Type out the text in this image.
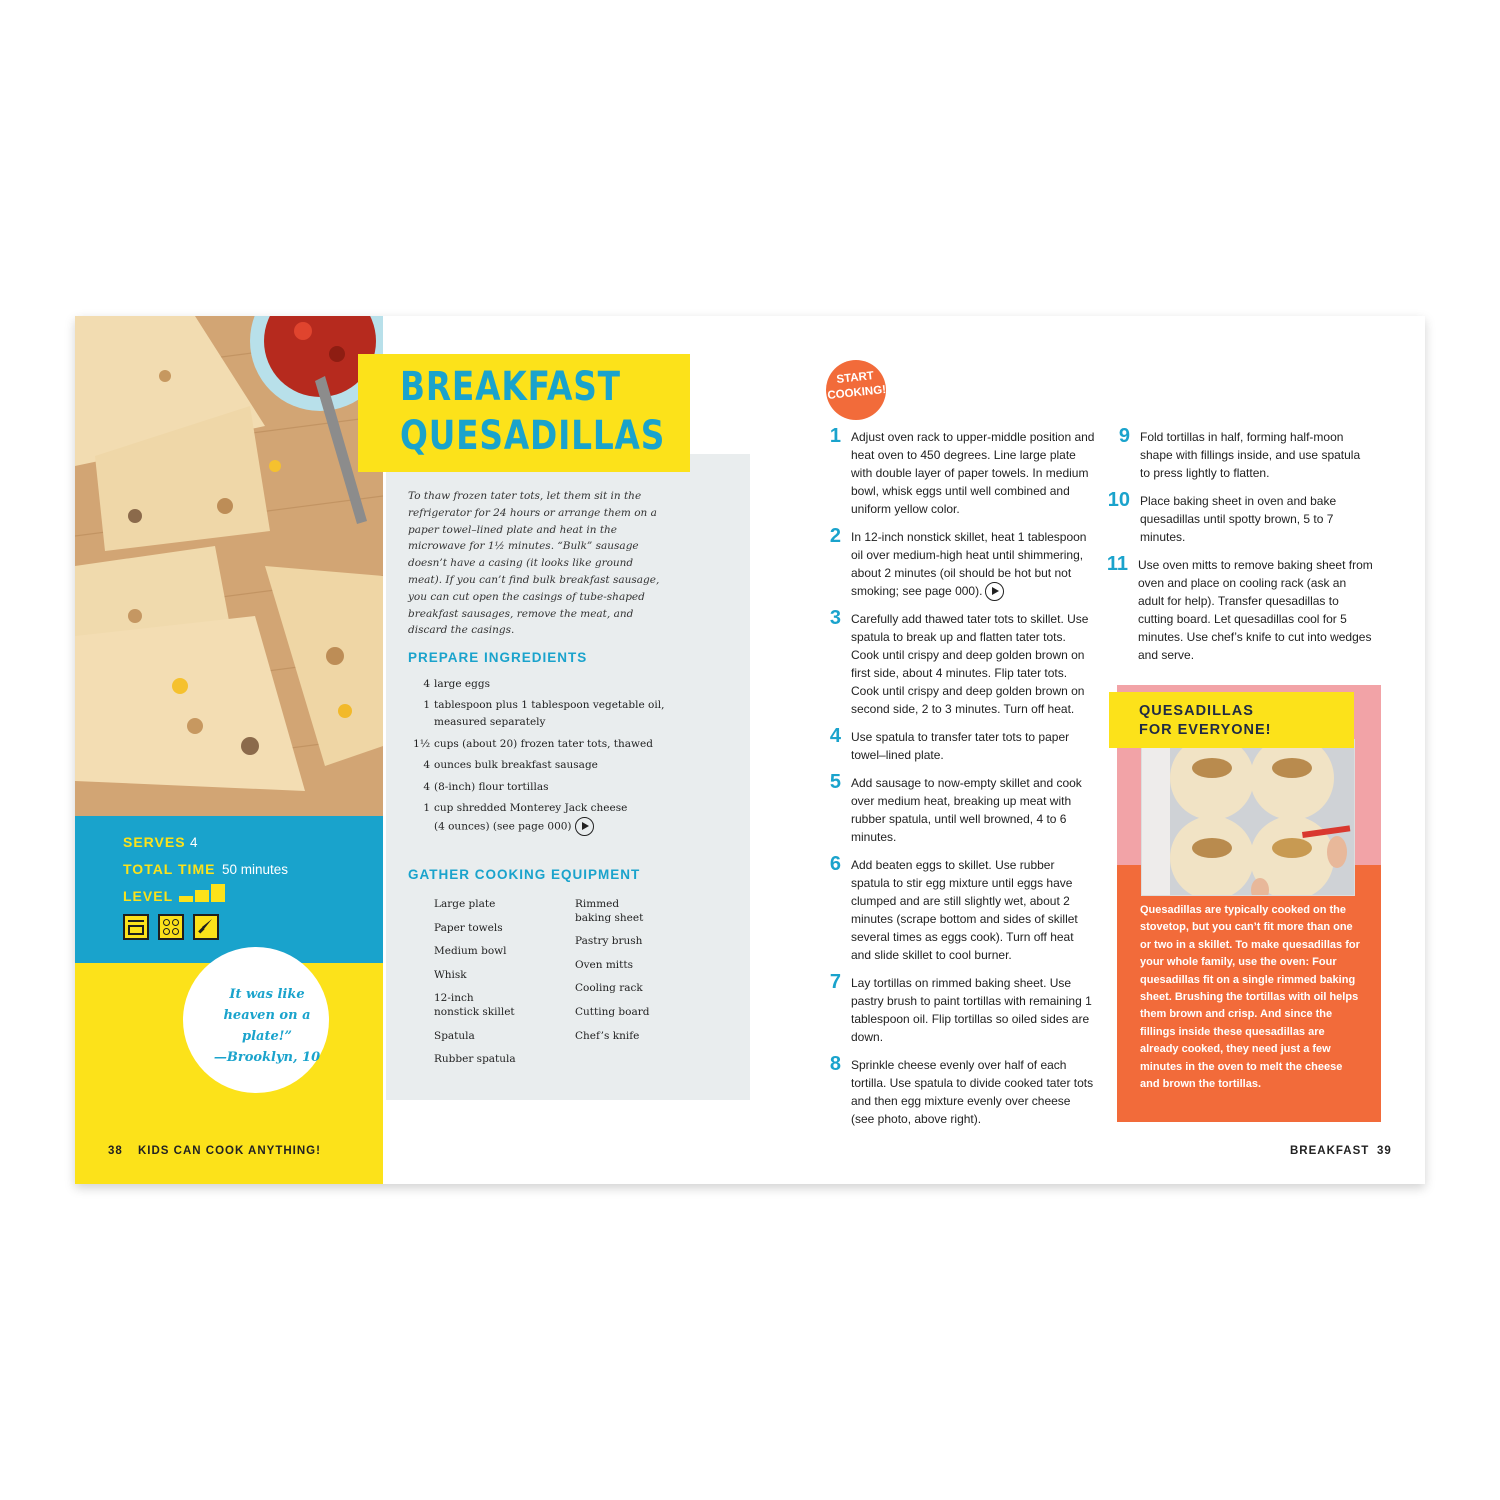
SERVES 4
TOTAL TIME 50 minutes
LEVEL
It was like heaven on a plate!”
—Brooklyn, 10
38 KIDS CAN COOK ANYTHING!
BREAKFAST
QUESADILLAS
To thaw frozen tater tots, let them sit in the refrigerator for 24 hours or arrange them on a paper towel–lined plate and heat in the microwave for 1½ minutes. “Bulk” sausage doesn’t have a casing (it looks like ground meat). If you can’t find bulk breakfast sausage, you can cut open the casings of tube-shaped breakfast sausages, remove the meat, and discard the casings.
PREPARE INGREDIENTS
4 large eggs
1 tablespoon plus 1 tablespoon vegetable oil,
measured separately
1½ cups (about 20) frozen tater tots, thawed
4 ounces bulk breakfast sausage
4 (8-inch) flour tortillas
1 cup shredded Monterey Jack cheese
(4 ounces) (see page 000)
GATHER COOKING EQUIPMENT
Large plate
Paper towels
Medium bowl
Whisk
12-inch
nonstick skillet
Spatula
Rubber spatula
Rimmed
baking sheet
Pastry brush
Oven mitts
Cooling rack
Cutting board
Chef’s knife
START
COOKING!
1 Adjust oven rack to upper-middle position and heat oven to 450 degrees. Line large plate with double layer of paper towels. In medium bowl, whisk eggs until well combined and uniform yellow color.
2 In 12-inch nonstick skillet, heat 1 tablespoon oil over medium-high heat until shimmering, about 2 minutes (oil should be hot but not smoking; see page 000).
3 Carefully add thawed tater tots to skillet. Use spatula to break up and flatten tater tots. Cook until crispy and deep golden brown on first side, about 4 minutes. Flip tater tots. Cook until crispy and deep golden brown on second side, 2 to 3 minutes. Turn off heat.
4 Use spatula to transfer tater tots to paper towel–lined plate.
5 Add sausage to now-empty skillet and cook over medium heat, breaking up meat with rubber spatula, until well browned, 4 to 6 minutes.
6 Add beaten eggs to skillet. Use rubber spatula to stir egg mixture until eggs have clumped and are still slightly wet, about 2 minutes (scrape bottom and sides of skillet several times as eggs cook). Turn off heat and slide skillet to cool burner.
7 Lay tortillas on rimmed baking sheet. Use pastry brush to paint tortillas with remaining 1 tablespoon oil. Flip tortillas so oiled sides are down.
8 Sprinkle cheese evenly over half of each tortilla. Use spatula to divide cooked tater tots and then egg mixture evenly over cheese (see photo, above right).
9 Fold tortillas in half, forming half-moon shape with fillings inside, and use spatula to press lightly to flatten.
10 Place baking sheet in oven and bake quesadillas until spotty brown, 5 to 7 minutes.
11 Use oven mitts to remove baking sheet from oven and place on cooling rack (ask an adult for help). Transfer quesadillas to cutting board. Let quesadillas cool for 5 minutes. Use chef’s knife to cut into wedges and serve.
QUESADILLAS
FOR EVERYONE!
Quesadillas are typically cooked on the stovetop, but you can’t fit more than one or two in a skillet. To make quesadillas for your whole family, use the oven: Four quesadillas fit on a single rimmed baking sheet. Brushing the tortillas with oil helps them brown and crisp. And since the fillings inside these quesadillas are already cooked, they need just a few minutes in the oven to melt the cheese and brown the tortillas.
BREAKFAST 39
